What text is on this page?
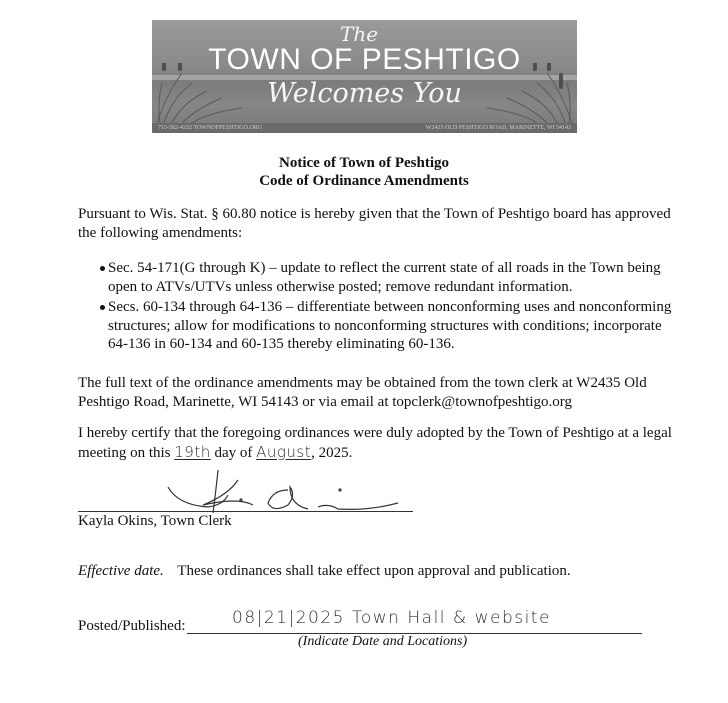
The
TOWN OF PESHTIGO
Welcomes You
715-582-4332 TOWNOFPESHTIGO.ORG	W2435 OLD PESHTIGO ROAD, MARINETTE, WI 54143
Notice of Town of Peshtigo
Code of Ordinance Amendments
Pursuant to Wis. Stat. § 60.80 notice is hereby given that the Town of Peshtigo board has approved the following amendments:
Sec. 54-171(G through K) – update to reflect the current state of all roads in the Town being open to ATVs/UTVs unless otherwise posted; remove redundant information.
Secs. 60-134 through 64-136 – differentiate between nonconforming uses and nonconforming structures; allow for modifications to nonconforming structures with conditions; incorporate 64-136 in 60-134 and 60-135 thereby eliminating 60-136.
The full text of the ordinance amendments may be obtained from the town clerk at W2435 Old Peshtigo Road, Marinette, WI 54143 or via email at topclerk@townofpeshtigo.org
I hereby certify that the foregoing ordinances were duly adopted by the Town of Peshtigo at a legal meeting on this 19th day of August, 2025.
Kayla Okins, Town Clerk
Effective date. These ordinances shall take effect upon approval and publication.
Posted/Published:	08|21|2025 Town Hall & website
(Indicate Date and Locations)
